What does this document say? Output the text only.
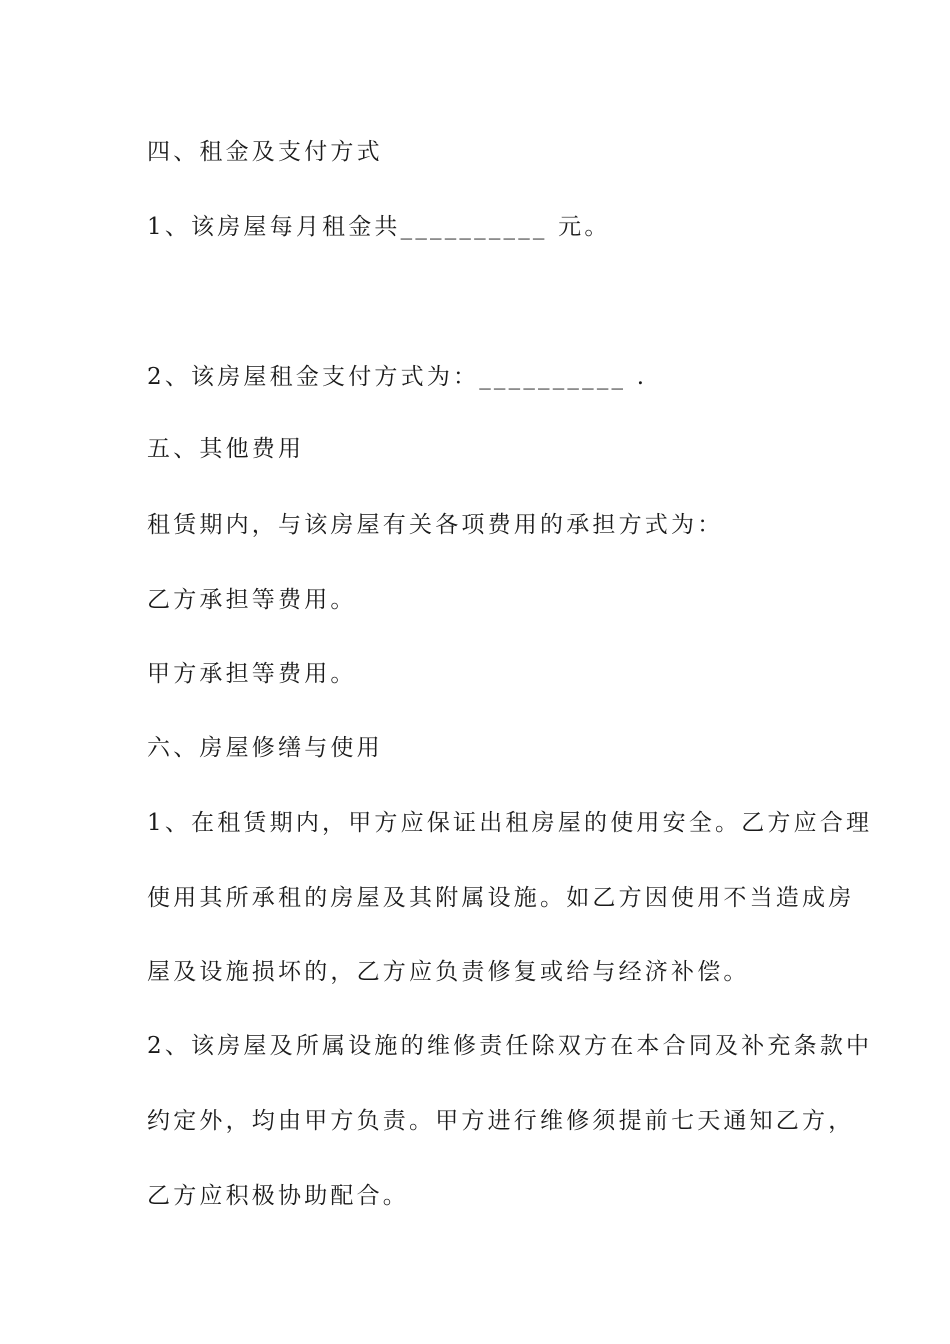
四、租金及支付方式
1、该房屋每月租金共__________ 元。
2、该房屋租金支付方式为：__________ .
五、其他费用
租赁期内，与该房屋有关各项费用的承担方式为：
乙方承担等费用。
甲方承担等费用。
六、房屋修缮与使用
1、在租赁期内，甲方应保证出租房屋的使用安全。乙方应合理
使用其所承租的房屋及其附属设施。如乙方因使用不当造成房
屋及设施损坏的，乙方应负责修复或给与经济补偿。
2、该房屋及所属设施的维修责任除双方在本合同及补充条款中
约定外，均由甲方负责。甲方进行维修须提前七天通知乙方，
乙方应积极协助配合。
